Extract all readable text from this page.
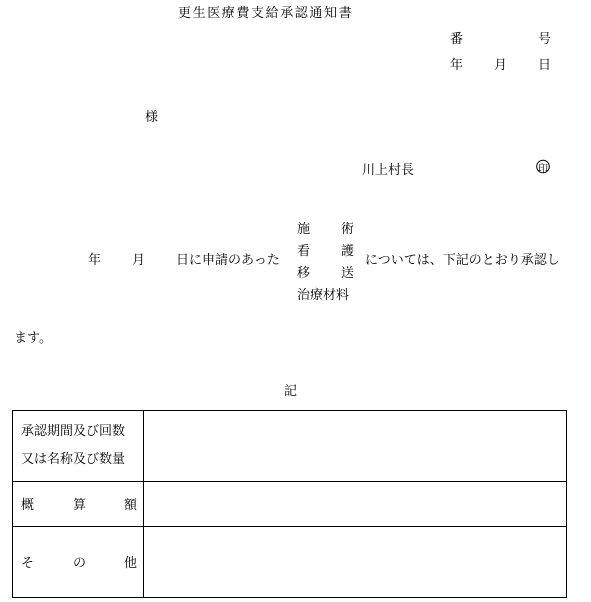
更生医療費支給承認通知書
番	号
年 月 日
様
川上村長	印
年 月 日に申請のあった
施 術
看 護
移 送
治療材料
については、下記のとおり承認し
ます。
記
承認期間及び回数
又は名称及び数量	

概 算 額	

そ の 他	
